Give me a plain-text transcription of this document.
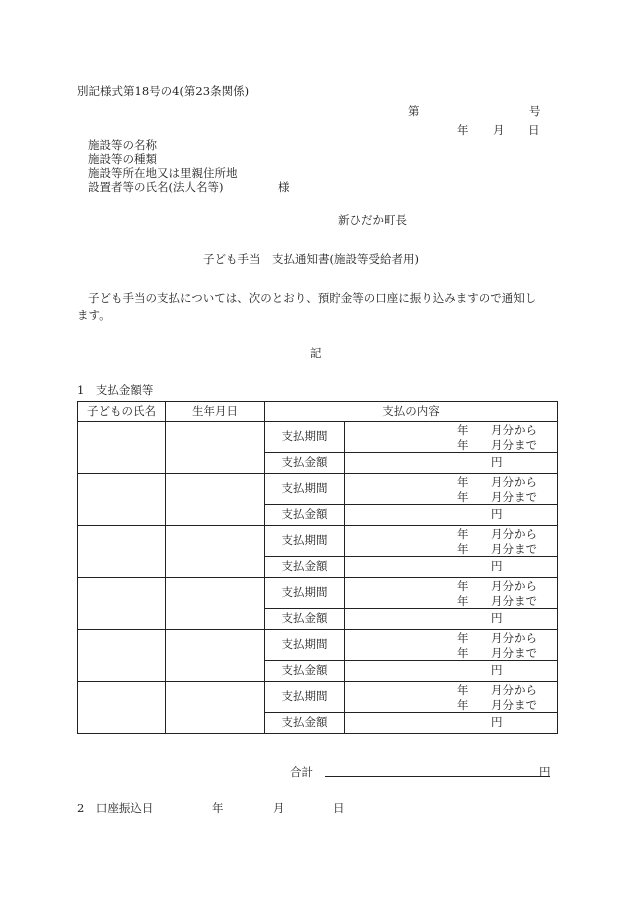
別記様式第18号の4(第23条関係)
第	号
年 月 日
施設等の名称
施設等の種類
施設等所在地又は里親住所地
設置者等の氏名(法人名等)	様
新ひだか町長
子ども手当　支払通知書(施設等受給者用)
子ども手当の支払については、次のとおり、預貯金等の口座に振り込みますので通知し
ます。
記
1　支払金額等
子どもの氏名	生年月日	支払の内容	
		支払期間	年 月分から
年 月分まで

		支払金額	円

		支払期間	年 月分から
年 月分まで

		支払金額	円

		支払期間	年 月分から
年 月分まで

		支払金額	円

		支払期間	年 月分から
年 月分まで

		支払金額	円

		支払期間	年 月分から
年 月分まで

		支払金額	円

		支払期間	年 月分から
年 月分まで

		支払金額	円
合計	円
2　口座振込日	年	月	日
